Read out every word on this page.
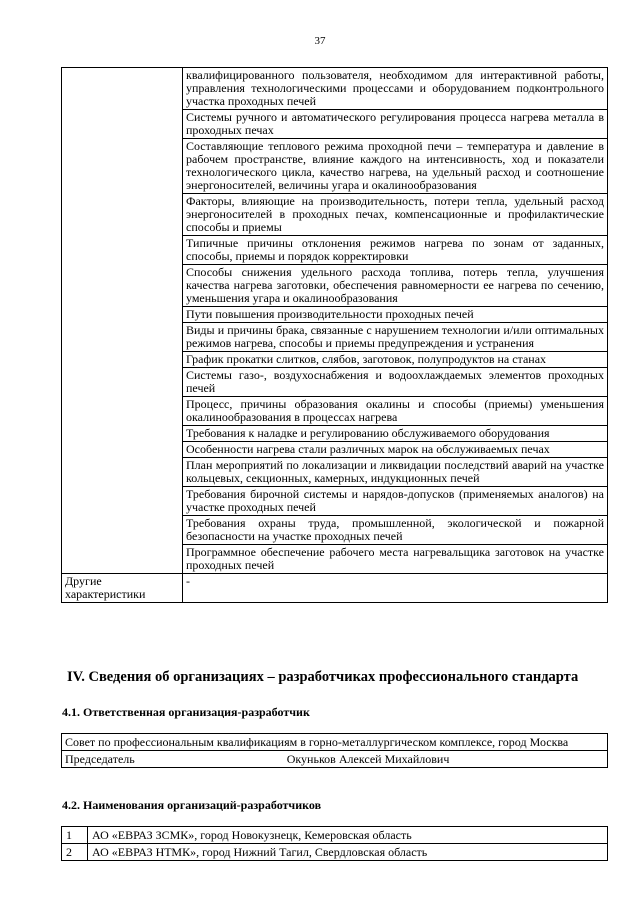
37
	квалифицированного пользователя, необходимом для интерактивной работы, управления технологическими процессами и оборудованием подконтрольного участка проходных печей
	Системы ручного и автоматического регулирования процесса нагрева металла в проходных печах
	Составляющие теплового режима проходной печи – температура и давление в рабочем пространстве, влияние каждого на интенсивность, ход и показатели технологического цикла, качество нагрева, на удельный расход и соотношение энергоносителей, величины угара и окалинообразования
	Факторы, влияющие на производительность, потери тепла, удельный расход энергоносителей в проходных печах, компенсационные и профилактические способы и приемы
	Типичные причины отклонения режимов нагрева по зонам от заданных, способы, приемы и порядок корректировки
	Способы снижения удельного расхода топлива, потерь тепла, улучшения качества нагрева заготовки, обеспечения равномерности ее нагрева по сечению, уменьшения угара и окалинообразования
	Пути повышения производительности проходных печей
	Виды и причины брака, связанные с нарушением технологии и/или оптимальных режимов нагрева, способы и приемы предупреждения и устранения
	График прокатки слитков, слябов, заготовок, полупродуктов на станах
	Системы газо-, воздухоснабжения и водоохлаждаемых элементов проходных печей
	Процесс, причины образования окалины и способы (приемы) уменьшения окалинообразования в процессах нагрева
	Требования к наладке и регулированию обслуживаемого оборудования
	Особенности нагрева стали различных марок на обслуживаемых печах
	План мероприятий по локализации и ликвидации последствий аварий на участке кольцевых, секционных, камерных, индукционных печей
	Требования бирочной системы и нарядов-допусков (применяемых аналогов) на участке проходных печей
	Требования охраны труда, промышленной, экологической и пожарной безопасности на участке проходных печей
	Программное обеспечение рабочего места нагревальщика заготовок на участке проходных печей
Другие характеристики	-
IV. Сведения об организациях – разработчиках профессионального стандарта
4.1. Ответственная организация-разработчик
Совет по профессиональным квалификациям в горно-металлургическом комплексе, город Москва
Председатель	Окуньков Алексей Михайлович
4.2. Наименования организаций-разработчиков
1	АО «ЕВРАЗ ЗСМК», город Новокузнецк, Кемеровская область
2	АО «ЕВРАЗ НТМК», город Нижний Тагил, Свердловская область
